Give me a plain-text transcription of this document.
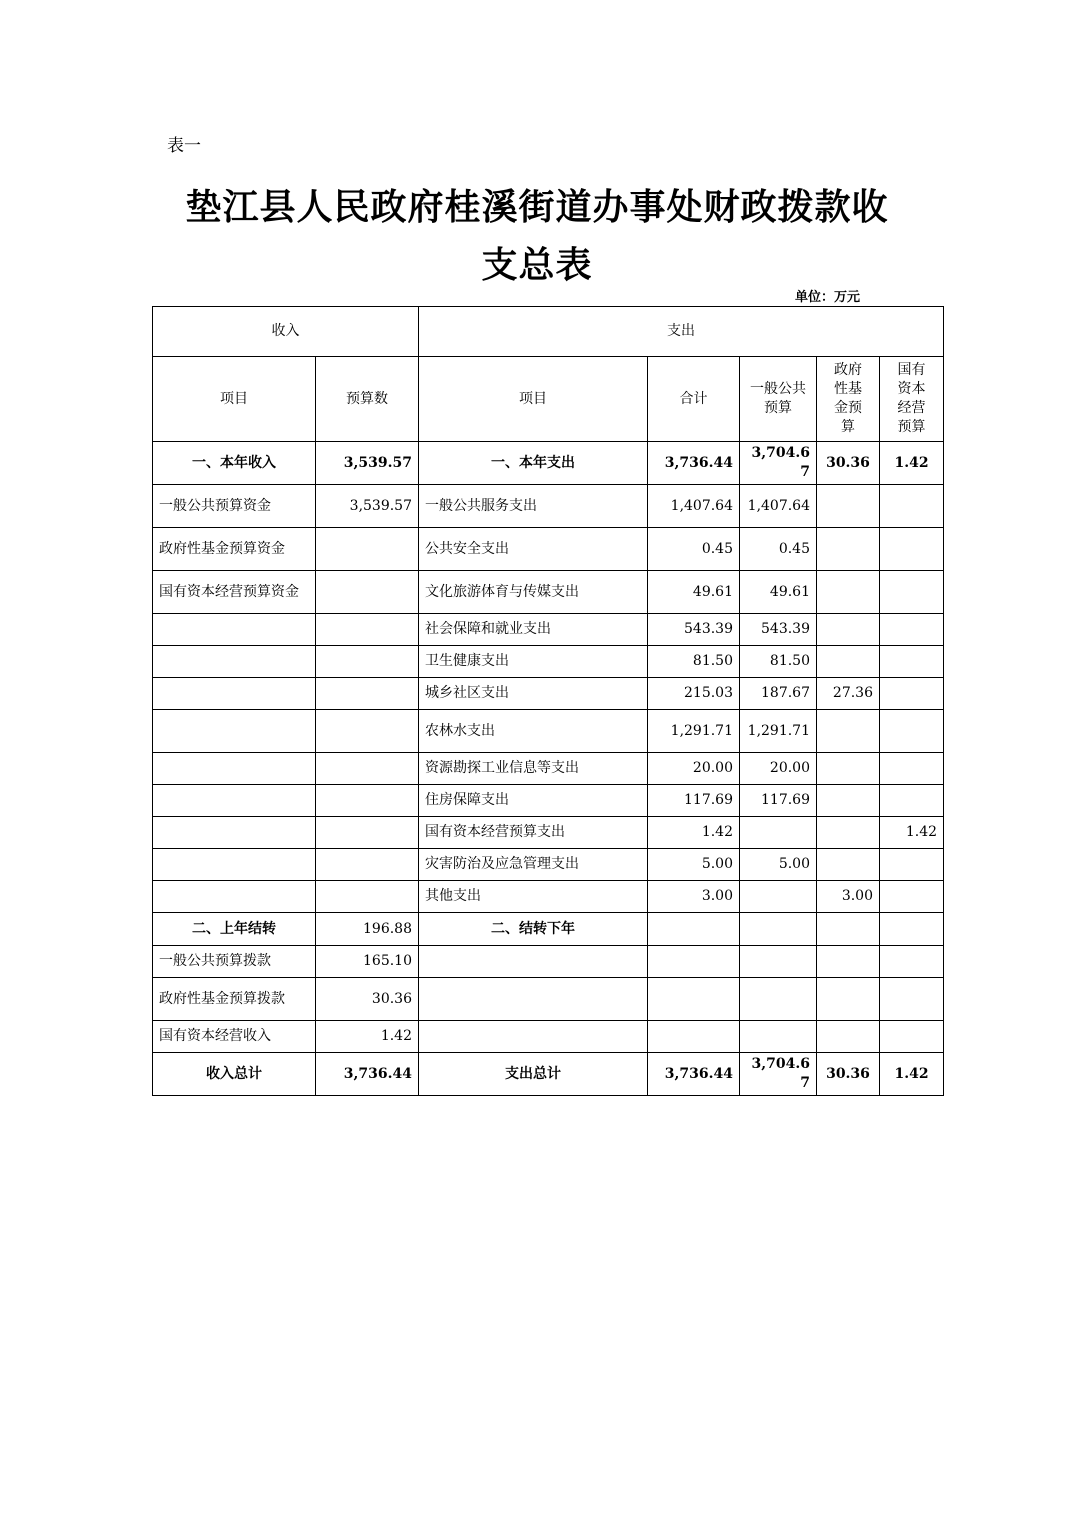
表一
垫江县人民政府桂溪街道办事处财政拨款收支总表
单位：万元
收入		支出				
项目	预算数	项目	合计	一般公共预算	政府性基金预算	国有资本经营预算

一、本年收入	3,539.57	一、本年支出	3,736.44	3,704.67	30.36	1.42
一般公共预算资金	3,539.57	一般公共服务支出	1,407.64	1,407.64		
政府性基金预算资金		公共安全支出	0.45	0.45		
国有资本经营预算资金		文化旅游体育与传媒支出	49.61	49.61		
		社会保障和就业支出	543.39	543.39		
		卫生健康支出	81.50	81.50		
		城乡社区支出	215.03	187.67	27.36	
		农林水支出	1,291.71	1,291.71		
		资源勘探工业信息等支出	20.00	20.00		
		住房保障支出	117.69	117.69		
		国有资本经营预算支出	1.42			1.42
		灾害防治及应急管理支出	5.00	5.00		
		其他支出	3.00		3.00	
二、上年结转	196.88	二、结转下年				
一般公共预算拨款	165.10					
政府性基金预算拨款	30.36					
国有资本经营收入	1.42					
收入总计	3,736.44	支出总计	3,736.44	3,704.67	30.36	1.42
